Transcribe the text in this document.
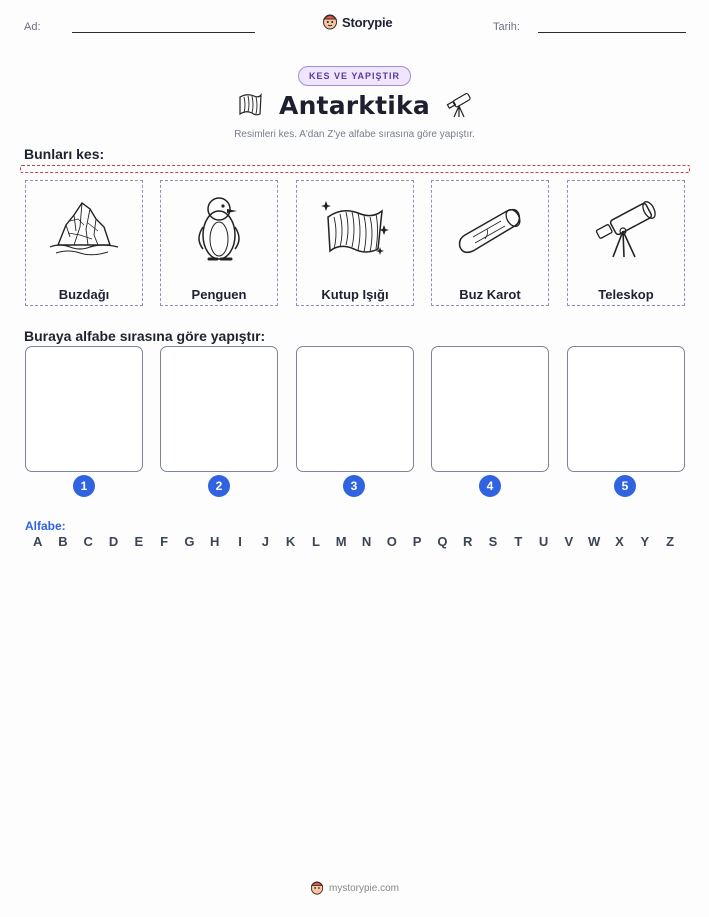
Ad:	Storypie	Tarih:
KES VE YAPIŞTIR
Antarktika
Resimleri kes. A'dan Z'ye alfabe sırasına göre yapıştır.
Bunları kes:
Buzdağı	Penguen	Kutup Işığı	Buz Karot	Teleskop
Buraya alfabe sırasına göre yapıştır:
1	2	3	4	5
Alfabe:
A	B	C	D	E	F	G	H	I	J	K	L	M	N	O	P	Q	R	S	T	U	V	W	X	Y	Z
mystorypie.com
